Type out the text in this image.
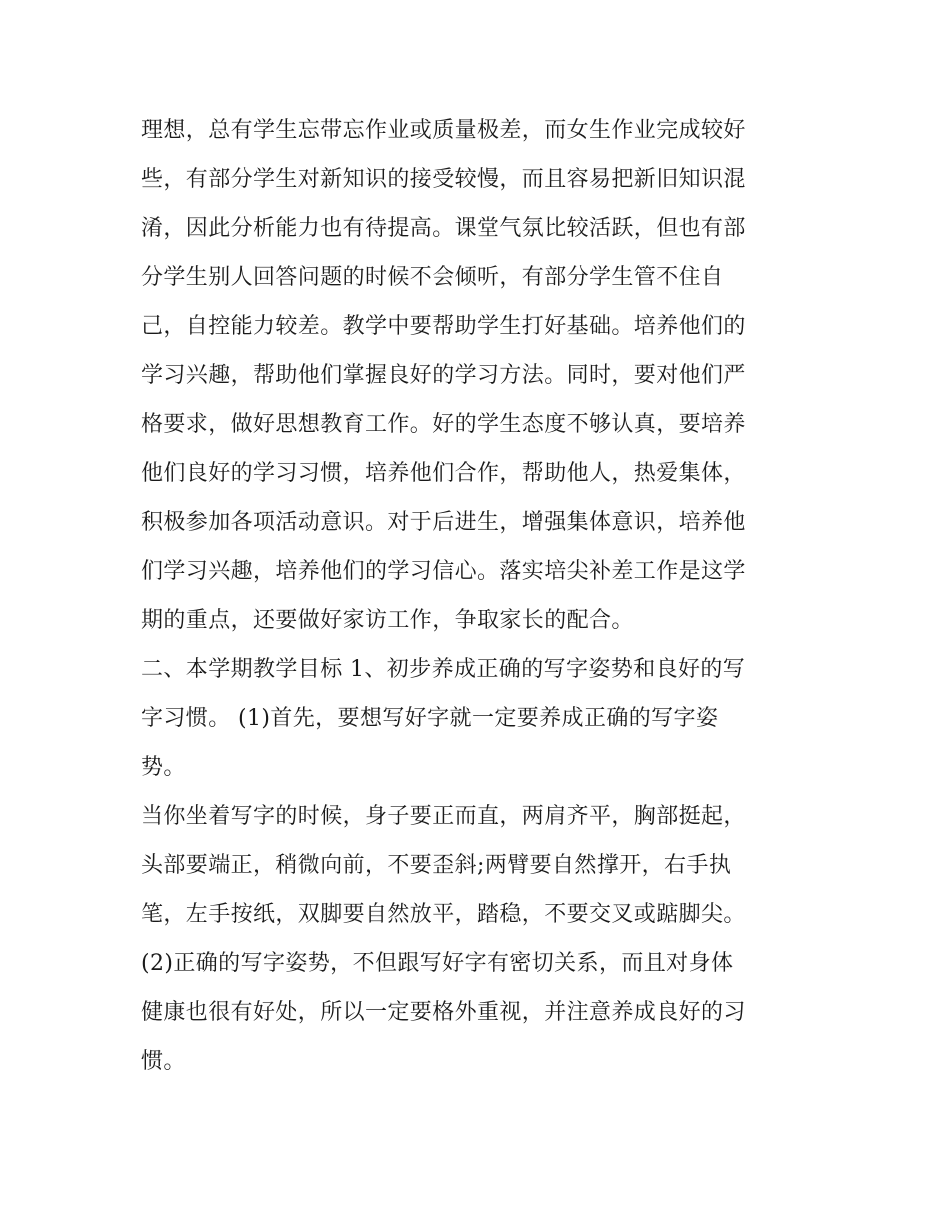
理想，总有学生忘带忘作业或质量极差，而女生作业完成较好
些，有部分学生对新知识的接受较慢，而且容易把新旧知识混
淆，因此分析能力也有待提高。课堂气氛比较活跃，但也有部
分学生别人回答问题的时候不会倾听，有部分学生管不住自
己，自控能力较差。教学中要帮助学生打好基础。培养他们的
学习兴趣，帮助他们掌握良好的学习方法。同时，要对他们严
格要求，做好思想教育工作。好的学生态度不够认真，要培养
他们良好的学习习惯，培养他们合作，帮助他人，热爱集体，
积极参加各项活动意识。对于后进生，增强集体意识，培养他
们学习兴趣，培养他们的学习信心。落实培尖补差工作是这学
期的重点，还要做好家访工作，争取家长的配合。
二、本学期教学目标 1、初步养成正确的写字姿势和良好的写
字习惯。 (1)首先，要想写好字就一定要养成正确的写字姿
势。
当你坐着写字的时候，身子要正而直，两肩齐平，胸部挺起，
头部要端正，稍微向前，不要歪斜;两臂要自然撑开，右手执
笔，左手按纸，双脚要自然放平，踏稳，不要交叉或踮脚尖。
(2)正确的写字姿势，不但跟写好字有密切关系，而且对身体
健康也很有好处，所以一定要格外重视，并注意养成良好的习
惯。
